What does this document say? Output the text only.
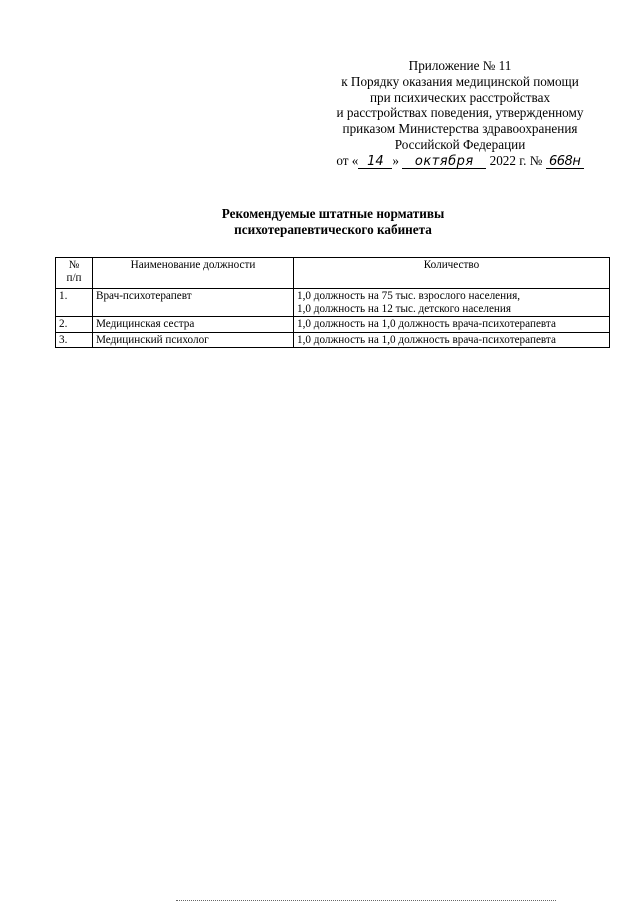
Приложение № 11
к Порядку оказания медицинской помощи
при психических расстройствах
и расстройствах поведения, утвержденному
приказом Министерства здравоохранения
Российской Федерации
от « 14 » октября 2022 г. № 668н
Рекомендуемые штатные нормативы
психотерапевтического кабинета
№
п/п	Наименование должности	Количество
1.	Врач-психотерапевт	1,0 должность на 75 тыс. взрослого населения,
1,0 должность на 12 тыс. детского населения

2.	Медицинская сестра	1,0 должность на 1,0 должность врача-психотерапевта
3.	Медицинский психолог	1,0 должность на 1,0 должность врача-психотерапевта
